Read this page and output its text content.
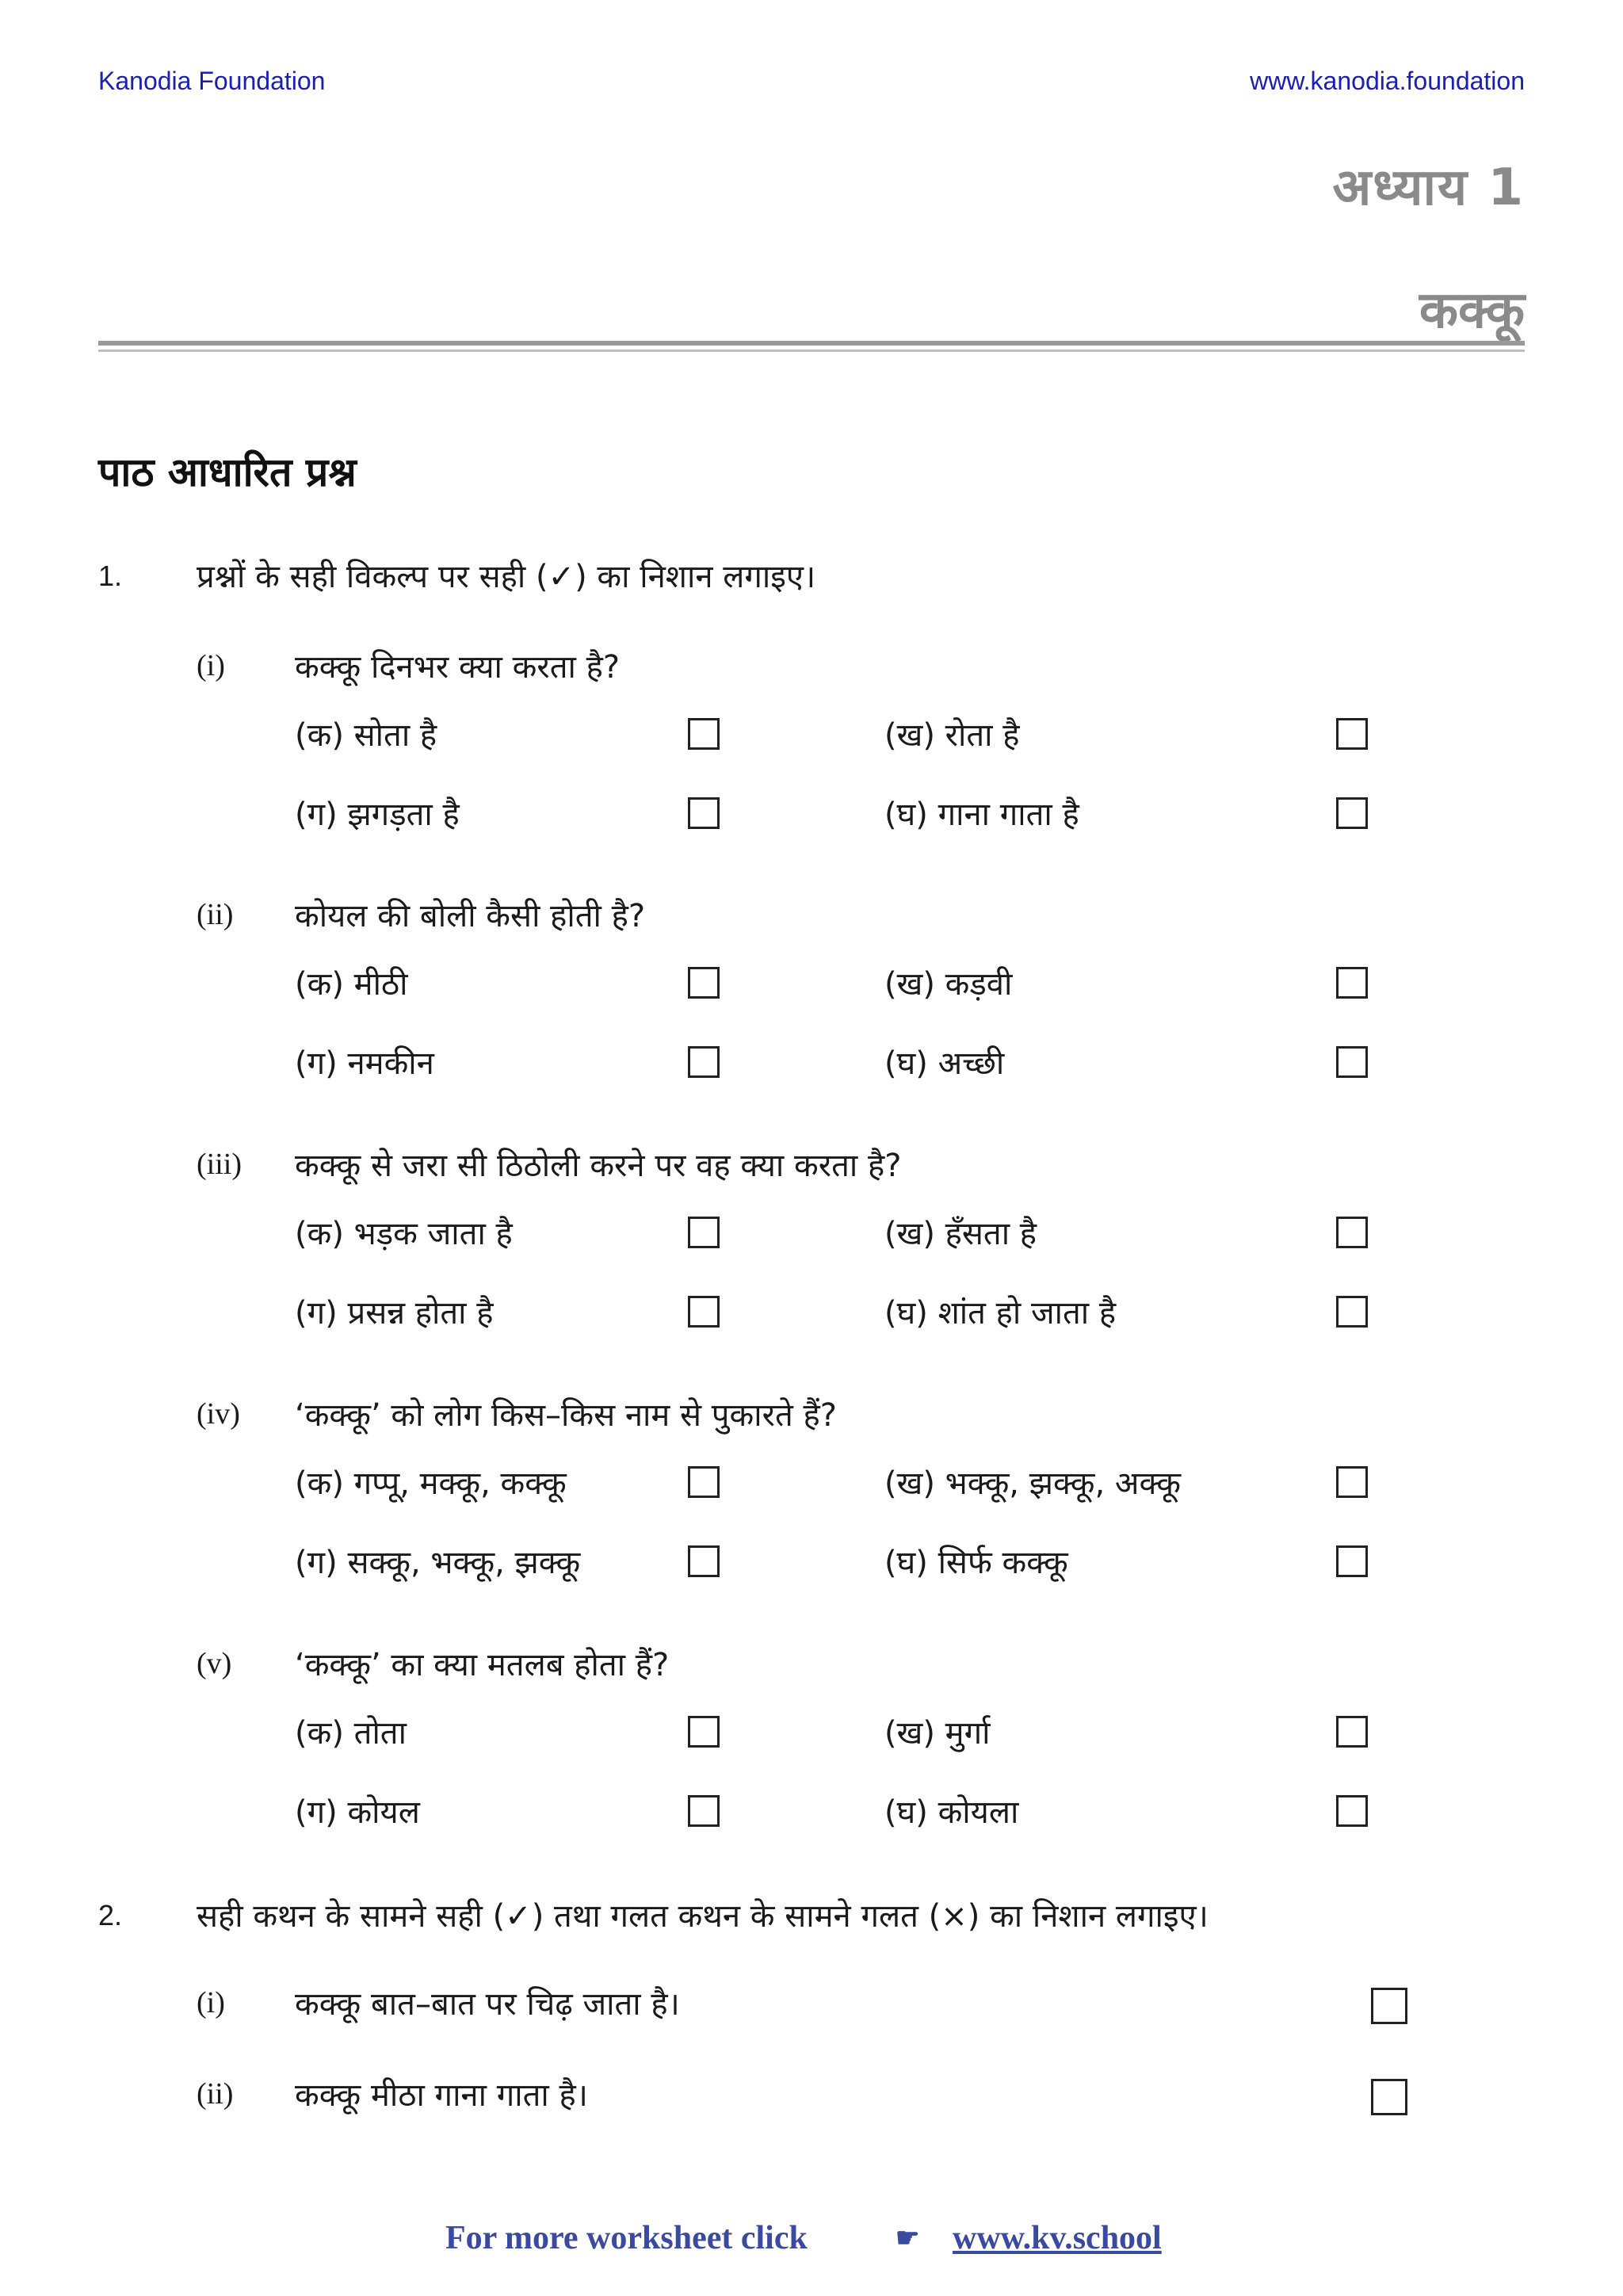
Kanodia Foundation	www.kanodia.foundation
अध्याय 1
कक्कू
पाठ आधारित प्रश्न
1. प्रश्नों के सही विकल्प पर सही (✓) का निशान लगाइए।
(i) कक्कू दिनभर क्या करता है?
(क) सोता है	(ख) रोता है
(ग) झगड़ता है	(घ) गाना गाता है
(ii) कोयल की बोली कैसी होती है?
(क) मीठी	(ख) कड़वी
(ग) नमकीन	(घ) अच्छी
(iii) कक्कू से जरा सी ठिठोली करने पर वह क्या करता है?
(क) भड़क जाता है	(ख) हँसता है
(ग) प्रसन्न होता है	(घ) शांत हो जाता है
(iv) ‘कक्कू’ को लोग किस–किस नाम से पुकारते हैं?
(क) गप्पू, मक्कू, कक्कू	(ख) भक्कू, झक्कू, अक्कू
(ग) सक्कू, भक्कू, झक्कू	(घ) सिर्फ कक्कू
(v) ‘कक्कू’ का क्या मतलब होता हैं?
(क) तोता	(ख) मुर्गा
(ग) कोयल	(घ) कोयला
2. सही कथन के सामने सही (✓) तथा गलत कथन के सामने गलत (×) का निशान लगाइए।
(i) कक्कू बात–बात पर चिढ़ जाता है।
(ii) कक्कू मीठा गाना गाता है।
For more worksheet click	☛ www.kv.school
